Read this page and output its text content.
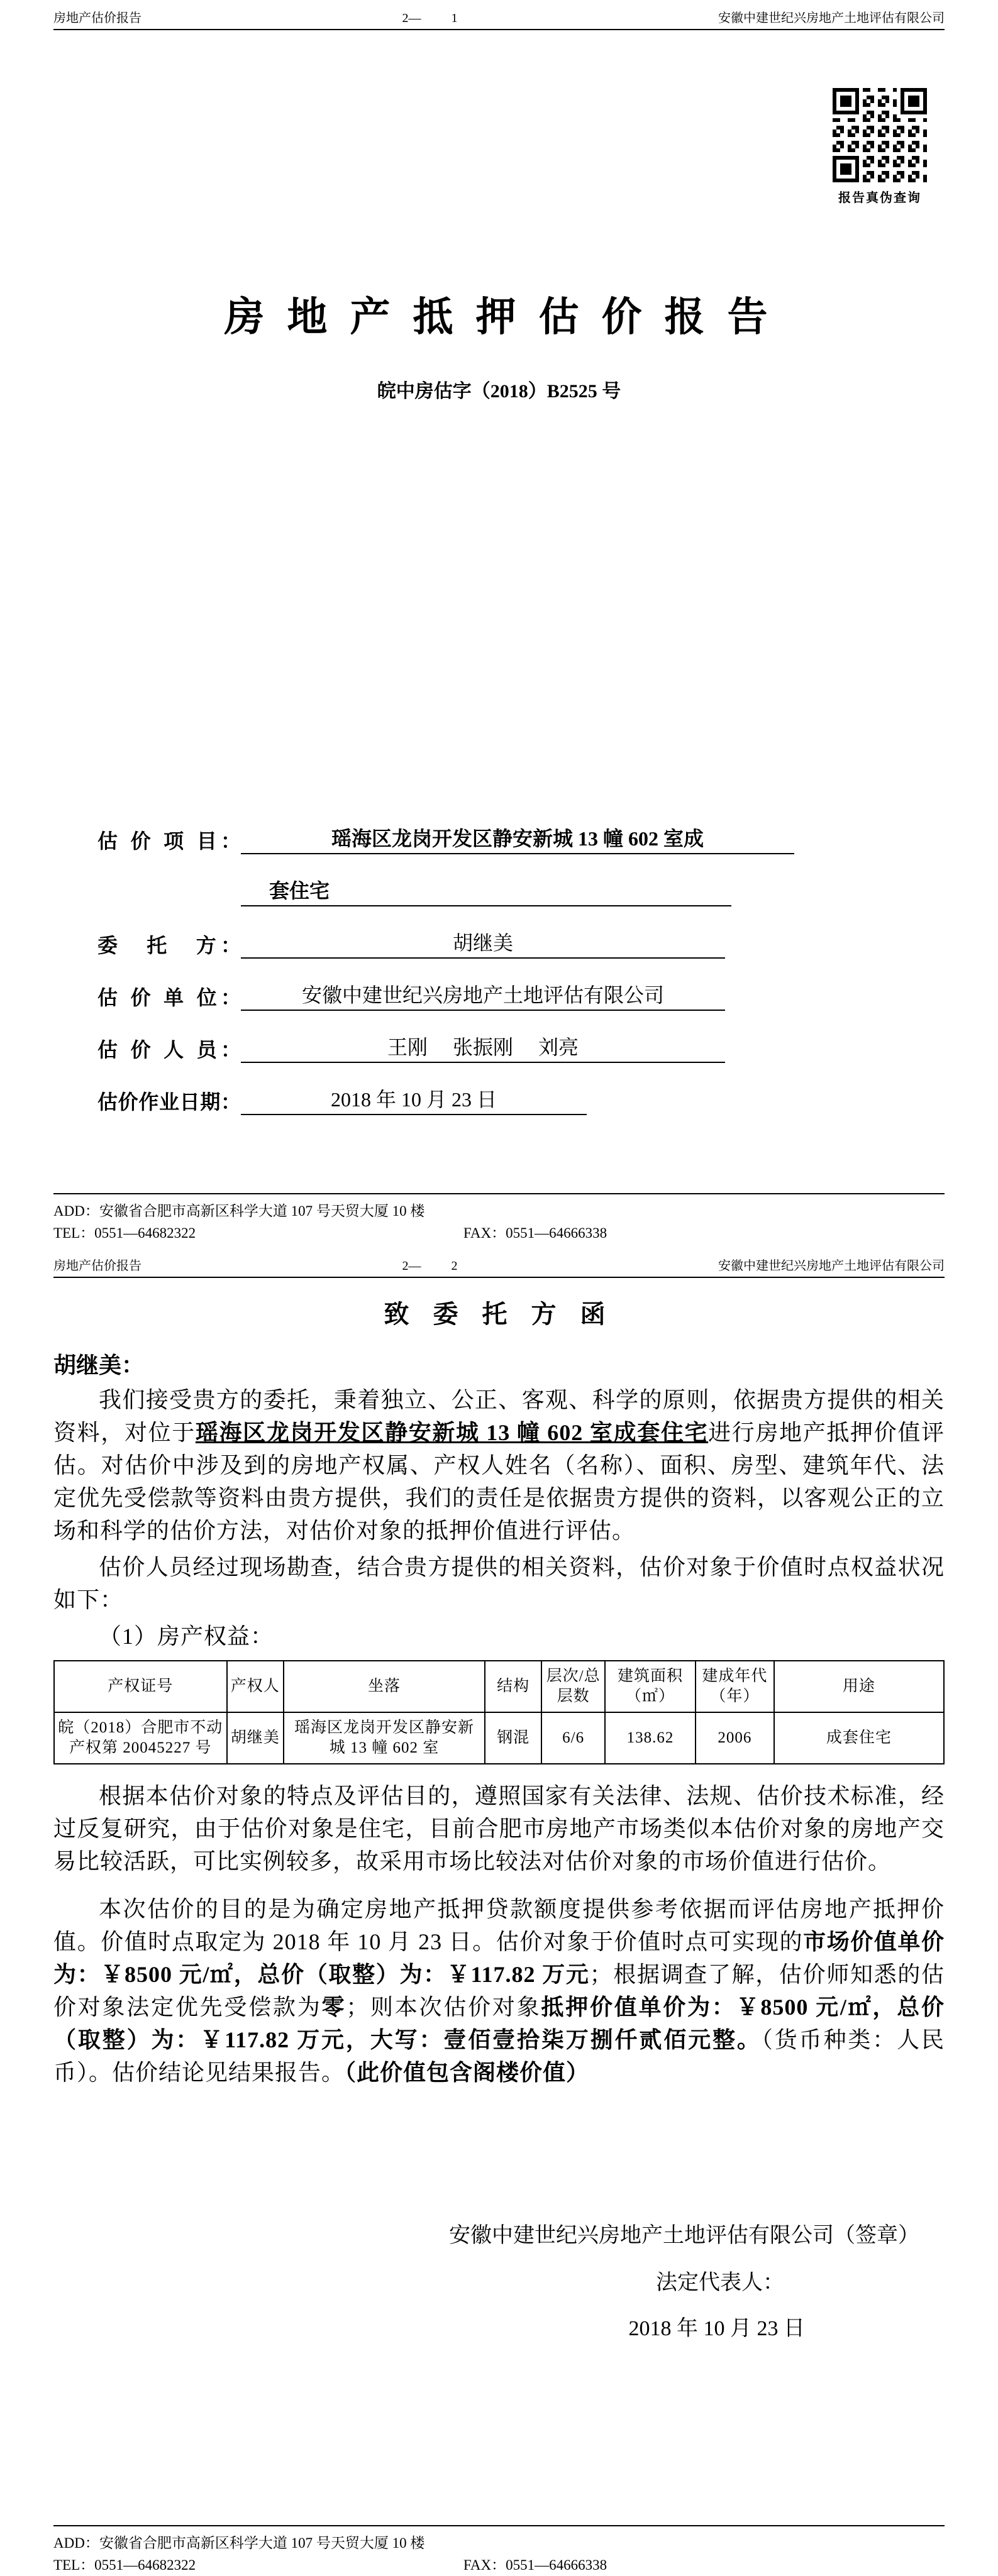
房地产估价报告	2— 1	安徽中建世纪兴房地产土地评估有限公司
报告真伪查询
房 地 产 抵 押 估 价 报 告
皖中房估字（2018）B2525 号
估 价 项 目：	瑶海区龙岗开发区静安新城 13 幢 602 室成
套住宅
委　托　方：	胡继美
估 价 单 位：	安徽中建世纪兴房地产土地评估有限公司
估 价 人 员：	王刚　 张振刚　 刘亮
估价作业日期：	2018 年 10 月 23 日
ADD：安徽省合肥市高新区科学大道 107 号天贸大厦 10 楼
TEL：0551—64682322	FAX：0551—64666338
房地产估价报告	2— 2	安徽中建世纪兴房地产土地评估有限公司
致 委 托 方 函
胡继美：

我们接受贵方的委托，秉着独立、公正、客观、科学的原则，依据贵方提供的相关资料，对位于瑶海区龙岗开发区静安新城 13 幢 602 室成套住宅进行房地产抵押价值评估。对估价中涉及到的房地产权属、产权人姓名（名称）、面积、房型、建筑年代、法定优先受偿款等资料由贵方提供，我们的责任是依据贵方提供的资料，以客观公正的立场和科学的估价方法，对估价对象的抵押价值进行评估。

估价人员经过现场勘查，结合贵方提供的相关资料，估价对象于价值时点权益状况如下：

（1）房产权益：

产权证号	产权人	坐落	结构	层次/总层数	建筑面积（㎡）	建成年代（年）	用途
皖（2018）合肥市不动产权第 20045227 号	胡继美	瑶海区龙岗开发区静安新城 13 幢 602 室	钢混	6/6	138.62	2006	成套住宅

根据本估价对象的特点及评估目的，遵照国家有关法律、法规、估价技术标准，经过反复研究，由于估价对象是住宅，目前合肥市房地产市场类似本估价对象的房地产交易比较活跃，可比实例较多，故采用市场比较法对估价对象的市场价值进行估价。

本次估价的目的是为确定房地产抵押贷款额度提供参考依据而评估房地产抵押价值。价值时点取定为 2018 年 10 月 23 日。估价对象于价值时点可实现的市场价值单价为：￥8500 元/㎡，总价（取整）为：￥117.82 万元；根据调查了解，估价师知悉的估价对象法定优先受偿款为零；则本次估价对象抵押价值单价为：￥8500 元/㎡，总价（取整）为：￥117.82 万元，大写：壹佰壹拾柒万捌仟贰佰元整。（货币种类：人民币）。估价结论见结果报告。（此价值包含阁楼价值）

安徽中建世纪兴房地产土地评估有限公司（签章）
法定代表人：
2018 年 10 月 23 日
ADD：安徽省合肥市高新区科学大道 107 号天贸大厦 10 楼
TEL：0551—64682322	FAX：0551—64666338
